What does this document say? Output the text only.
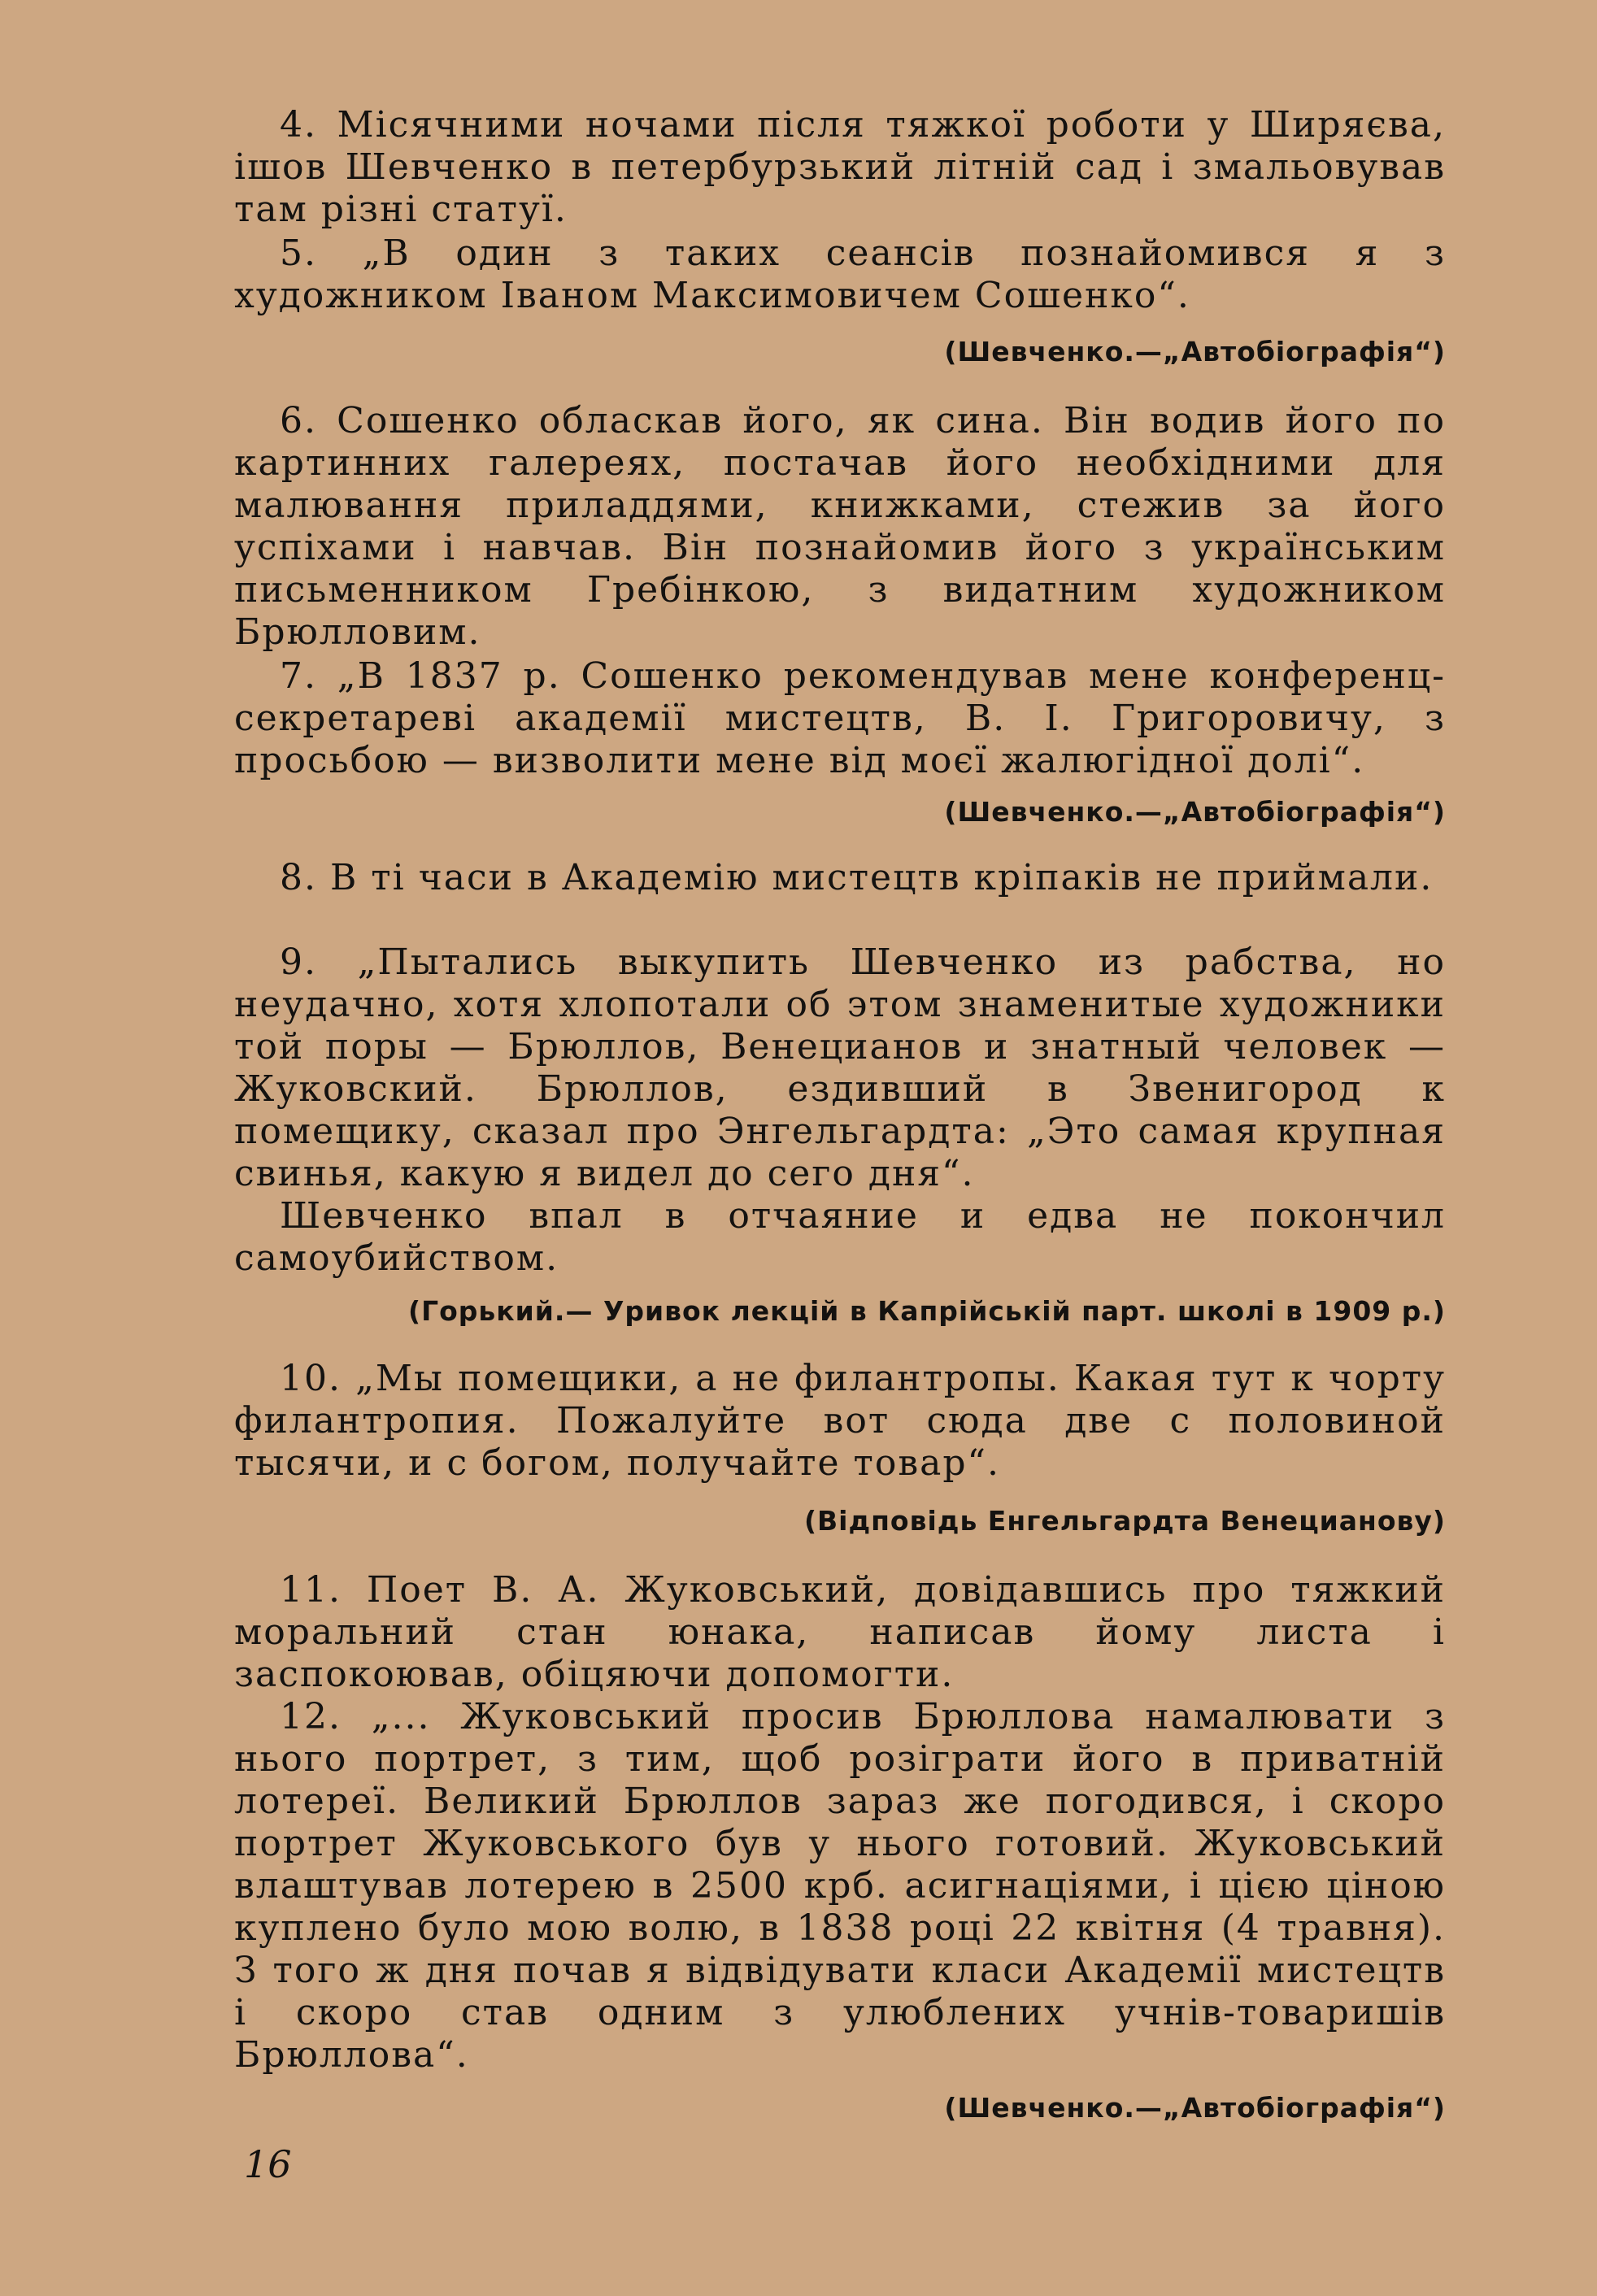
4. Місячними ночами після тяжкої роботи у Ширяєва, ішов Шевченко в петербурзький літній сад і змальовував там різні статуї.

5. „В один з таких сеансів познайомився я з художником Іваном Максимовичем Сошенко“.

(Шевченко.—„Автобіографія“)

6. Сошенко обласкав його, як сина. Він водив його по картинних галереях, постачав його необхідними для малювання приладдями, книжками, стежив за його успіхами і навчав. Він познайомив його з українським письменником Гребінкою, з видатним художником Брюлловим.

7. „В 1837 р. Сошенко рекомендував мене конференц-секретареві академії мистецтв, В. І. Григоровичу, з просьбою — визволити мене від моєї жалюгідної долі“.

(Шевченко.—„Автобіографія“)

8. В ті часи в Академію мистецтв кріпаків не приймали.

9. „Пытались выкупить Шевченко из рабства, но неудачно, хотя хлопотали об этом знаменитые художники той поры — Брюллов, Венецианов и знатный человек — Жуковский. Брюллов, ездивший в Звенигород к помещику, сказал про Энгельгардта: „Это самая крупная свинья, какую я видел до сего дня“.

Шевченко впал в отчаяние и едва не покончил самоубийством.

(Горький.— Уривок лекцій в Капрійській парт. школі в 1909 р.)

10. „Мы помещики, а не филантропы. Какая тут к чорту филантропия. Пожалуйте вот сюда две с половиной тысячи, и с богом, получайте товар“.

(Відповідь Енгельгардта Венецианову)

11. Поет В. А. Жуковський, довідавшись про тяжкий моральний стан юнака, написав йому листа і заспокоював, обіцяючи допомогти.

12. „... Жуковський просив Брюллова намалювати з нього портрет, з тим, щоб розіграти його в приватній лотереї. Великий Брюллов зараз же погодився, і скоро портрет Жуковського був у нього готовий. Жуковський влаштував лотерею в 2500 крб. асигнаціями, і цією ціною куплено було мою волю, в 1838 році 22 квітня (4 травня). З того ж дня почав я відвідувати класи Академії мистецтв і скоро став одним з улюблених учнів-товаришів Брюллова“.

(Шевченко.—„Автобіографія“)

16
